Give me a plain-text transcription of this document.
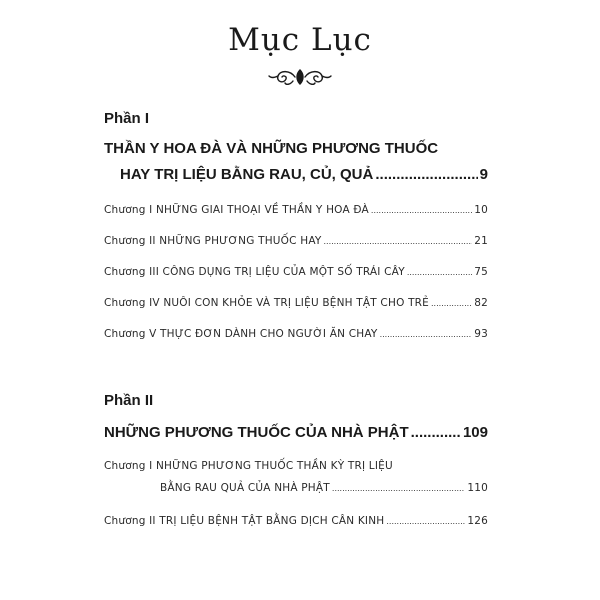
Mục Lục
Phần I
THẦN Y HOA ĐÀ VÀ NHỮNG PHƯƠNG THUỐC
HAY TRỊ LIỆU BẰNG RAU, CỦ, QUẢ .....	9
Chương I NHỮNG GIAI THOẠI VỀ THẦN Y HOA ĐÀ .....	10
Chương II NHỮNG PHƯƠNG THUỐC HAY .....	21
Chương III CÔNG DỤNG TRỊ LIỆU CỦA MỘT SỐ TRÁI CÂY .....	75
Chương IV NUÔI CON KHỎE VÀ TRỊ LIỆU BỆNH TẬT CHO TRẺ .....	82
Chương V THỰC ĐƠN DÀNH CHO NGƯỜI ĂN CHAY .....	93
Phần II
NHỮNG PHƯƠNG THUỐC CỦA NHÀ PHẬT .....	109
Chương I NHỮNG PHƯƠNG THUỐC THẦN KỲ TRỊ LIỆU
BẰNG RAU QUẢ CỦA NHÀ PHẬT .....	110
Chương II TRỊ LIỆU BỆNH TẬT BẰNG DỊCH CÂN KINH .....	126
